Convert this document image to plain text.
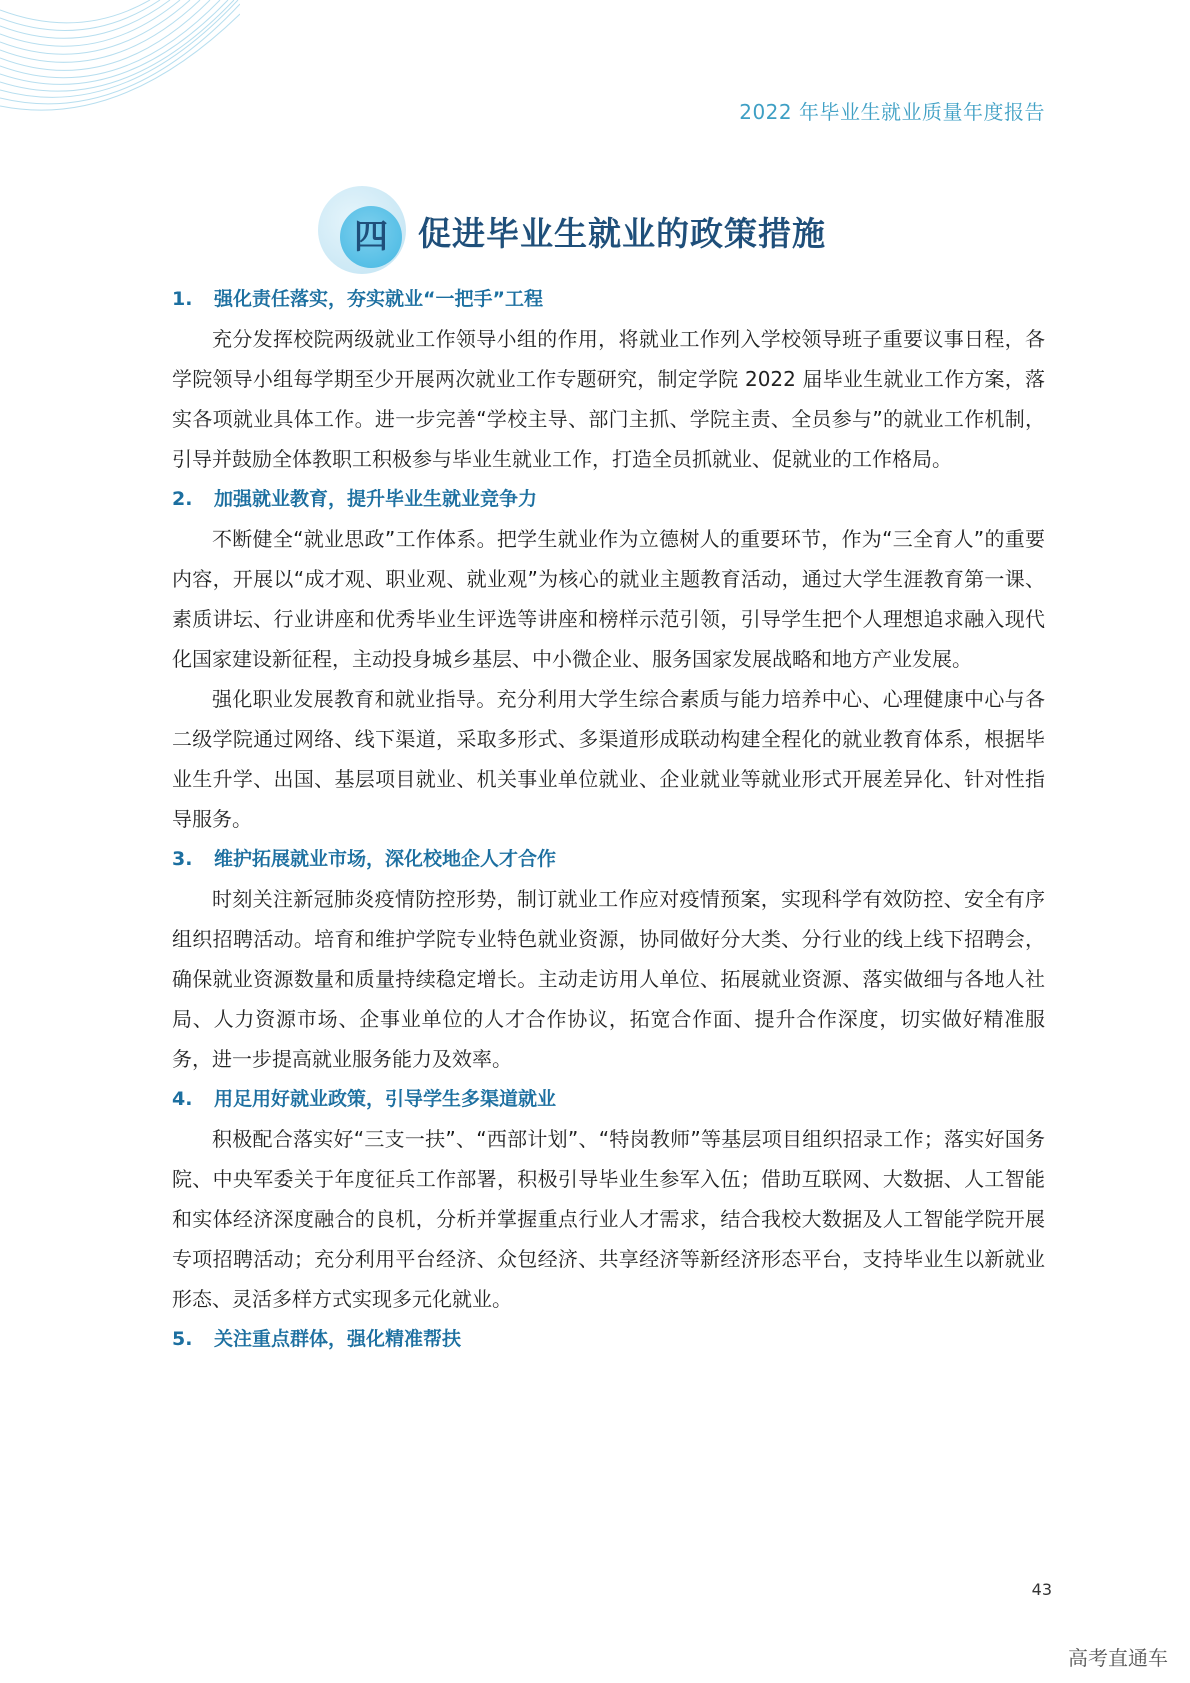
2022 年毕业生就业质量年度报告
四 促进毕业生就业的政策措施
1. 强化责任落实，夯实就业“一把手”工程

充分发挥校院两级就业工作领导小组的作用，将就业工作列入学校领导班子重要议事日程，各学院领导小组每学期至少开展两次就业工作专题研究，制定学院 2022 届毕业生就业工作方案，落实各项就业具体工作。进一步完善“学校主导、部门主抓、学院主责、全员参与”的就业工作机制，引导并鼓励全体教职工积极参与毕业生就业工作，打造全员抓就业、促就业的工作格局。

2. 加强就业教育，提升毕业生就业竞争力

不断健全“就业思政”工作体系。把学生就业作为立德树人的重要环节，作为“三全育人”的重要内容，开展以“成才观、职业观、就业观”为核心的就业主题教育活动，通过大学生涯教育第一课、素质讲坛、行业讲座和优秀毕业生评选等讲座和榜样示范引领，引导学生把个人理想追求融入现代化国家建设新征程，主动投身城乡基层、中小微企业、服务国家发展战略和地方产业发展。

强化职业发展教育和就业指导。充分利用大学生综合素质与能力培养中心、心理健康中心与各二级学院通过网络、线下渠道，采取多形式、多渠道形成联动构建全程化的就业教育体系，根据毕业生升学、出国、基层项目就业、机关事业单位就业、企业就业等就业形式开展差异化、针对性指导服务。

3. 维护拓展就业市场，深化校地企人才合作

时刻关注新冠肺炎疫情防控形势，制订就业工作应对疫情预案，实现科学有效防控、安全有序组织招聘活动。培育和维护学院专业特色就业资源，协同做好分大类、分行业的线上线下招聘会，确保就业资源数量和质量持续稳定增长。主动走访用人单位、拓展就业资源、落实做细与各地人社局、人力资源市场、企事业单位的人才合作协议，拓宽合作面、提升合作深度，切实做好精准服务，进一步提高就业服务能力及效率。

4. 用足用好就业政策，引导学生多渠道就业

积极配合落实好“三支一扶”、“西部计划”、“特岗教师”等基层项目组织招录工作；落实好国务院、中央军委关于年度征兵工作部署，积极引导毕业生参军入伍；借助互联网、大数据、人工智能和实体经济深度融合的良机，分析并掌握重点行业人才需求，结合我校大数据及人工智能学院开展专项招聘活动；充分利用平台经济、众包经济、共享经济等新经济形态平台，支持毕业生以新就业形态、灵活多样方式实现多元化就业。

5. 关注重点群体，强化精准帮扶
43
高考直通车
